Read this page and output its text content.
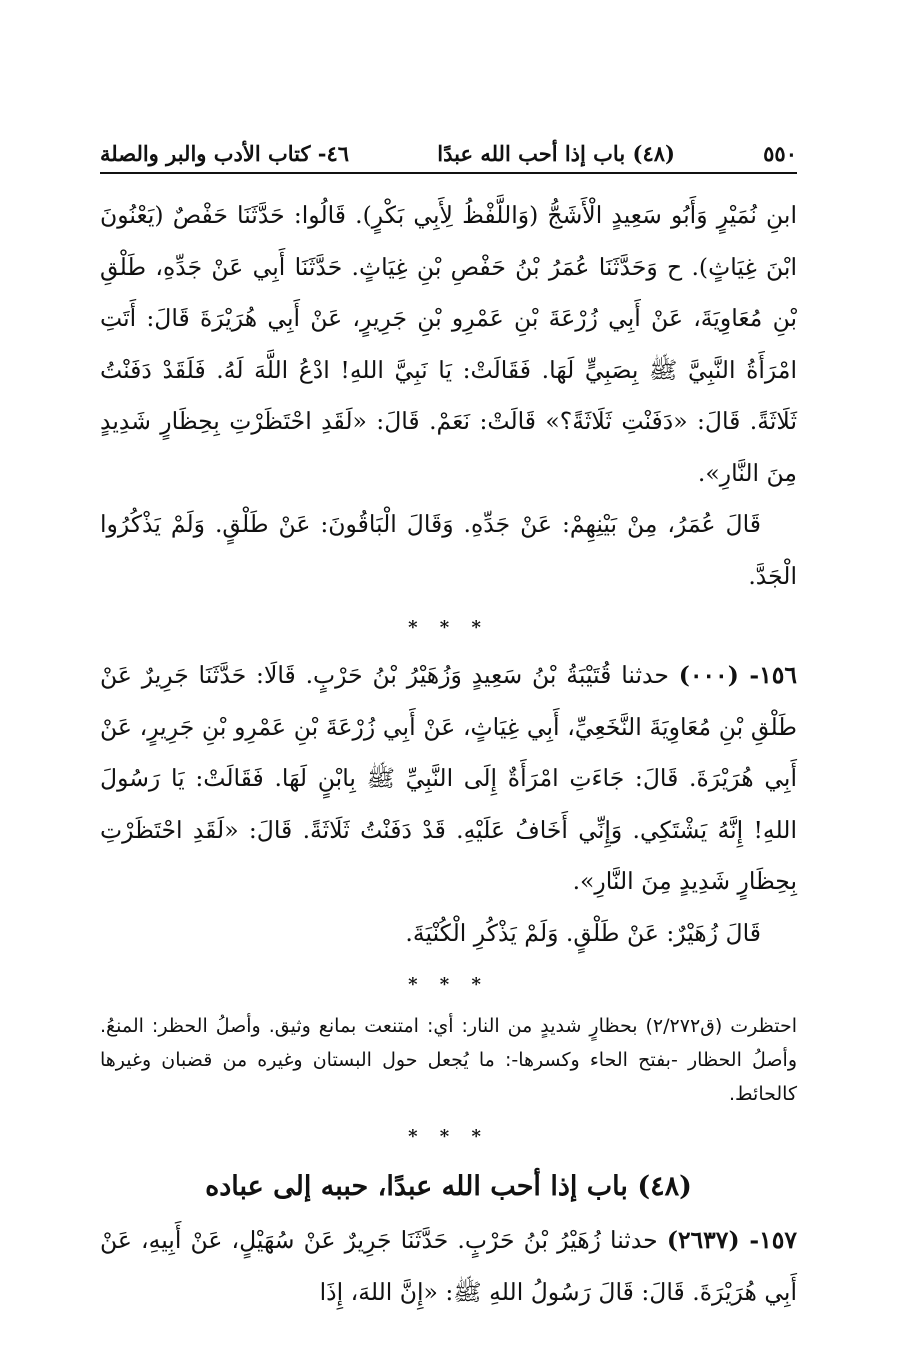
٥٥٠
(٤٨) باب إذا أحب الله عبدًا
٤٦- كتاب الأدب والبر والصلة

ابنِ نُمَيْرٍ وَأَبُو سَعِيدٍ الْأَشَجُّ (وَاللَّفْظُ لِأَبِي بَكْرٍ). قَالُوا: حَدَّثَنَا حَفْصٌ (يَعْنُونَ ابْنَ غِيَاثٍ). ح وَحَدَّثَنَا عُمَرُ بْنُ حَفْصِ بْنِ غِيَاثٍ. حَدَّثَنَا أَبِي عَنْ جَدِّهِ، طَلْقِ بْنِ مُعَاوِيَةَ، عَنْ أَبِي زُرْعَةَ بْنِ عَمْرِو بْنِ جَرِيرٍ، عَنْ أَبِي هُرَيْرَةَ قَالَ: أَتَتِ امْرَأَةُ النَّبِيَّ ﷺ بِصَبِيٍّ لَهَا. فَقَالَتْ: يَا نَبِيَّ اللهِ! ادْعُ اللَّهَ لَهُ. فَلَقَدْ دَفَنْتُ ثَلَاثَةً. قَالَ: «دَفَنْتِ ثَلَاثَةً؟» قَالَتْ: نَعَمْ. قَالَ: «لَقَدِ احْتَظَرْتِ بِحِظَارٍ شَدِيدٍ مِنَ النَّارِ».

قَالَ عُمَرُ، مِنْ بَيْنِهِمْ: عَنْ جَدِّهِ. وَقَالَ الْبَاقُونَ: عَنْ طَلْقٍ. وَلَمْ يَذْكُرُوا الْجَدَّ.

* * *

١٥٦- (٠٠٠) حدثنا قُتَيْبَةُ بْنُ سَعِيدٍ وَزُهَيْرُ بْنُ حَرْبٍ. قَالَا: حَدَّثَنَا جَرِيرٌ عَنْ طَلْقِ بْنِ مُعَاوِيَةَ النَّخَعِيِّ، أَبِي غِيَاثٍ، عَنْ أَبِي زُرْعَةَ بْنِ عَمْرِو بْنِ جَرِيرٍ، عَنْ أَبِي هُرَيْرَةَ. قَالَ: جَاءَتِ امْرَأَةٌ إِلَى النَّبِيِّ ﷺ بِابْنٍ لَهَا. فَقَالَتْ: يَا رَسُولَ اللهِ! إِنَّهُ يَشْتَكِي. وَإِنِّي أَخَافُ عَلَيْهِ. قَدْ دَفَنْتُ ثَلَاثَةً. قَالَ: «لَقَدِ احْتَظَرْتِ بِحِظَارٍ شَدِيدٍ مِنَ النَّارِ».

قَالَ زُهَيْرٌ: عَنْ طَلْقٍ. وَلَمْ يَذْكُرِ الْكُنْيَةَ.

* * *
احتظرت (ق٢/٢٧٢) بحظارٍ شديدٍ من النار: أي: امتنعت بمانع وثيق. وأصلُ الحظر: المنعُ. وأصلُ الحظار -بفتح الحاء وكسرها-: ما يُجعل حول البستان وغيره من قضبان وغيرها كالحائط.
* * *
(٤٨) باب إذا أحب الله عبدًا، حببه إلى عباده

١٥٧- (٢٦٣٧) حدثنا زُهَيْرُ بْنُ حَرْبٍ. حَدَّثَنَا جَرِيرٌ عَنْ سُهَيْلٍ، عَنْ أَبِيهِ، عَنْ أَبِي هُرَيْرَةَ. قَالَ: قَالَ رَسُولُ اللهِ ﷺ: «إِنَّ اللهَ، إِذَا
